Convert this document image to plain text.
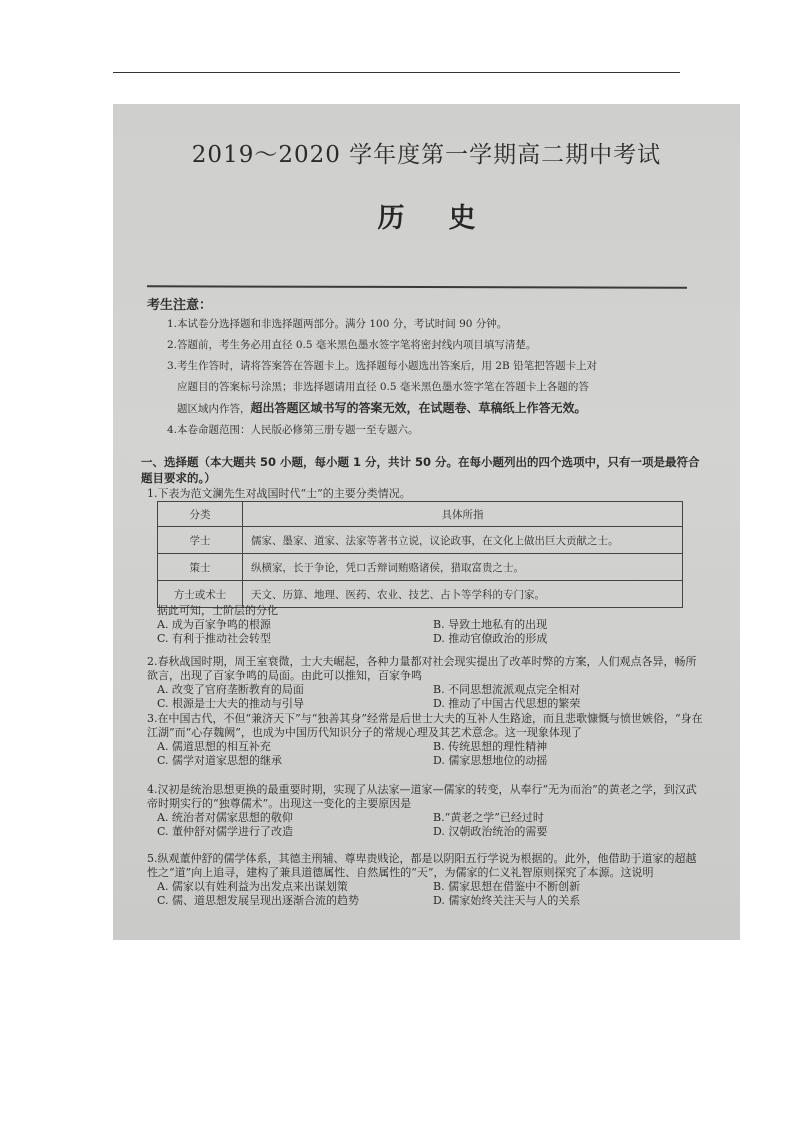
2019～2020 学年度第一学期高二期中考试
历史
考生注意：
1.本试卷分选择题和非选择题两部分。满分 100 分，考试时间 90 分钟。
2.答题前，考生务必用直径 0.5 毫米黑色墨水签字笔将密封线内项目填写清楚。
3.考生作答时，请将答案答在答题卡上。选择题每小题选出答案后，用 2B 铅笔把答题卡上对
应题目的答案标号涂黑；非选择题请用直径 0.5 毫米黑色墨水签字笔在答题卡上各题的答
题区域内作答，超出答题区域书写的答案无效，在试题卷、草稿纸上作答无效。
4.本卷命题范围：人民版必修第三册专题一至专题六。
一、选择题（本大题共 50 小题，每小题 1 分，共计 50 分。在每小题列出的四个选项中，只有一项是最符合题目要求的。）
1.下表为范文澜先生对战国时代“士”的主要分类情况。
分类	具体所指
学士	儒家、墨家、道家、法家等著书立说，议论政事，在文化上做出巨大贡献之士。
策士	纵横家，长于争论，凭口舌辩词贿赂诸侯，猎取富贵之士。
方士或术士	天文、历算、地理、医药、农业、技艺、占卜等学科的专门家。
据此可知，士阶层的分化
A. 成为百家争鸣的根源	B. 导致土地私有的出现
C. 有利于推动社会转型	D. 推动官僚政治的形成
2.春秋战国时期，周王室衰微，士大夫崛起，各种力量都对社会现实提出了改革时弊的方案，人们观点各异，畅所欲言，出现了百家争鸣的局面。由此可以推知，百家争鸣
A. 改变了官府垄断教育的局面	B. 不同思想流派观点完全相对
C. 根源是士大夫的推动与引导	D. 推动了中国古代思想的繁荣
3.在中国古代，不但“兼济天下”与“独善其身”经常是后世士大夫的互补人生路途，而且悲歌慷慨与愤世嫉俗，“身在江湖”而“心存魏阙”，也成为中国历代知识分子的常规心理及其艺术意念。这一现象体现了
A. 儒道思想的相互补充	B. 传统思想的理性精神
C. 儒学对道家思想的继承	D. 儒家思想地位的动摇
4.汉初是统治思想更换的最重要时期，实现了从法家—道家—儒家的转变，从奉行“无为而治”的黄老之学，到汉武帝时期实行的“独尊儒术”。出现这一变化的主要原因是
A. 统治者对儒家思想的敬仰	B.“黄老之学”已经过时
C. 董仲舒对儒学进行了改造	D. 汉朝政治统治的需要
5.纵观董仲舒的儒学体系，其德主刑辅、尊卑贵贱论，都是以阴阳五行学说为根据的。此外，他借助于道家的超越性之“道”向上追寻，建构了兼具道德属性、自然属性的“天”，为儒家的仁义礼智原则探究了本源。这说明
A. 儒家以有姓利益为出发点来出谋划策	B. 儒家思想在借鉴中不断创新
C. 儒、道思想发展呈现出逐渐合流的趋势	D. 儒家始终关注天与人的关系
